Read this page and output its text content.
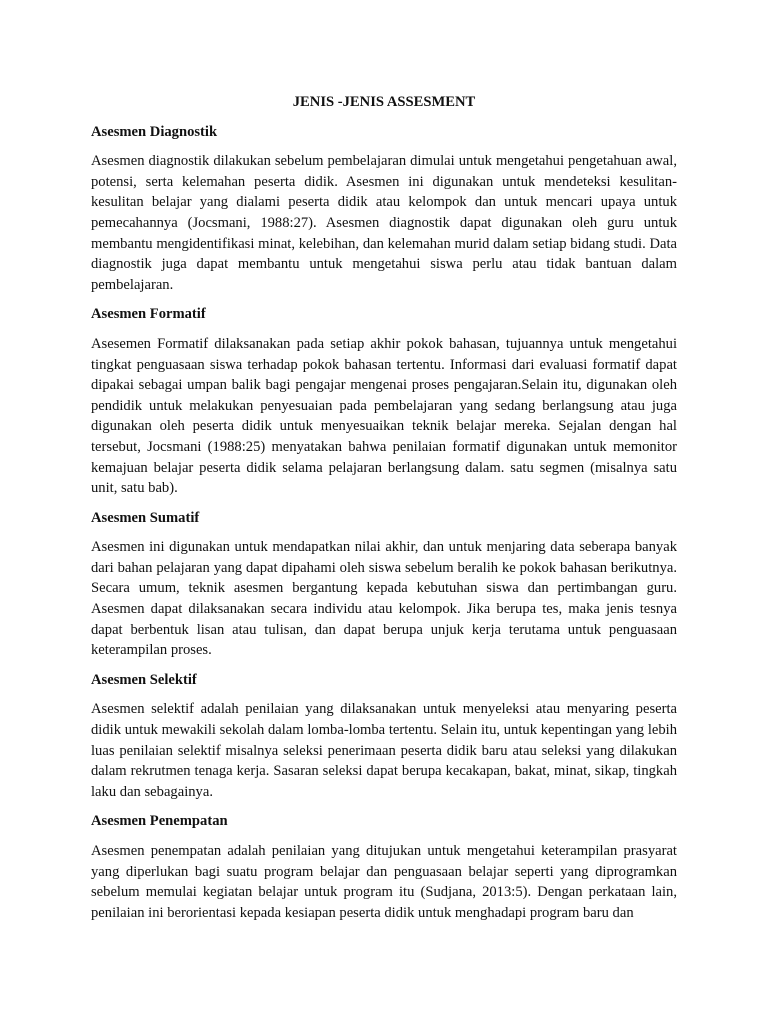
JENIS -JENIS ASSESMENT
Asesmen Diagnostik

Asesmen diagnostik dilakukan sebelum pembelajaran dimulai untuk mengetahui pengetahuan awal, potensi, serta kelemahan peserta didik. Asesmen ini digunakan untuk mendeteksi kesulitan-kesulitan belajar yang dialami peserta didik atau kelompok dan untuk mencari upaya untuk pemecahannya (Jocsmani, 1988:27). Asesmen diagnostik dapat digunakan oleh guru untuk membantu mengidentifikasi minat, kelebihan, dan kelemahan murid dalam setiap bidang studi. Data diagnostik juga dapat membantu untuk mengetahui siswa perlu atau tidak bantuan dalam pembelajaran.

Asesmen Formatif

Asesemen Formatif dilaksanakan pada setiap akhir pokok bahasan, tujuannya untuk mengetahui tingkat penguasaan siswa terhadap pokok bahasan tertentu. Informasi dari evaluasi formatif dapat dipakai sebagai umpan balik bagi pengajar mengenai proses pengajaran.Selain itu, digunakan oleh pendidik untuk melakukan penyesuaian pada pembelajaran yang sedang berlangsung atau juga digunakan oleh peserta didik untuk menyesuaikan teknik belajar mereka. Sejalan dengan hal tersebut, Jocsmani (1988:25) menyatakan bahwa penilaian formatif digunakan untuk memonitor kemajuan belajar peserta didik selama pelajaran berlangsung dalam. satu segmen (misalnya satu unit, satu bab).

Asesmen Sumatif

Asesmen ini digunakan untuk mendapatkan nilai akhir, dan untuk menjaring data seberapa banyak dari bahan pelajaran yang dapat dipahami oleh siswa sebelum beralih ke pokok bahasan berikutnya. Secara umum, teknik asesmen bergantung kepada kebutuhan siswa dan pertimbangan guru. Asesmen dapat dilaksanakan secara individu atau kelompok. Jika berupa tes, maka jenis tesnya dapat berbentuk lisan atau tulisan, dan dapat berupa unjuk kerja terutama untuk penguasaan keterampilan proses.

Asesmen Selektif

Asesmen selektif adalah penilaian yang dilaksanakan untuk menyeleksi atau menyaring peserta didik untuk mewakili sekolah dalam lomba-lomba tertentu. Selain itu, untuk kepentingan yang lebih luas penilaian selektif misalnya seleksi penerimaan peserta didik baru atau seleksi yang dilakukan dalam rekrutmen tenaga kerja. Sasaran seleksi dapat berupa kecakapan, bakat, minat, sikap, tingkah laku dan sebagainya.

Asesmen Penempatan

Asesmen penempatan adalah penilaian yang ditujukan untuk mengetahui keterampilan prasyarat yang diperlukan bagi suatu program belajar dan penguasaan belajar seperti yang diprogramkan sebelum memulai kegiatan belajar untuk program itu (Sudjana, 2013:5). Dengan perkataan lain, penilaian ini berorientasi kepada kesiapan peserta didik untuk menghadapi program baru dan
